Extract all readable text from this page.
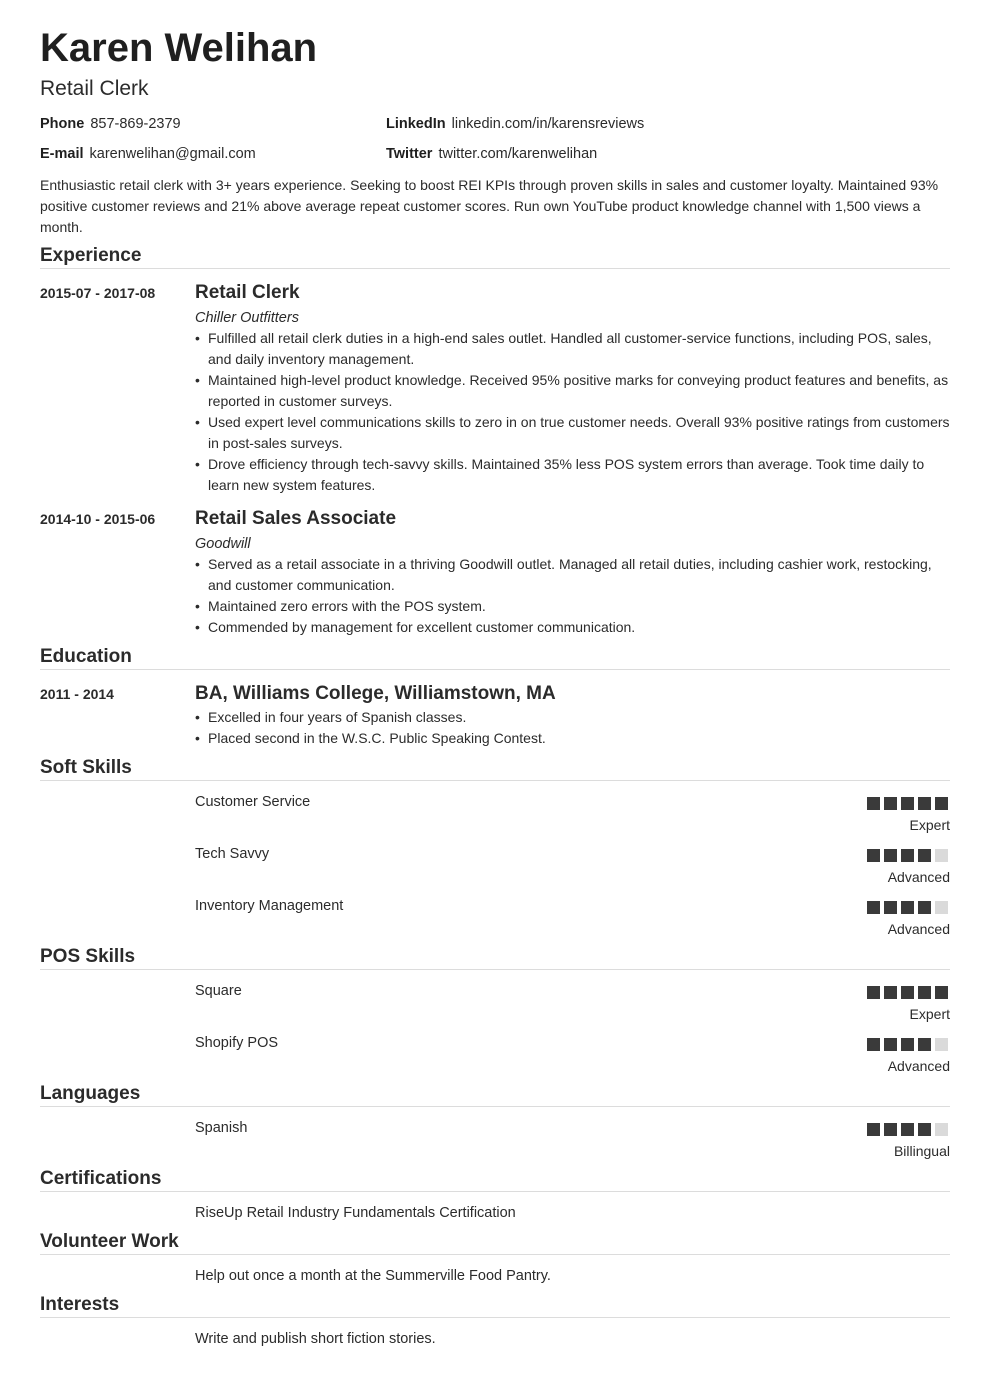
Karen Welihan
Retail Clerk
Phone 857-869-2379	LinkedIn linkedin.com/in/karensreviews
E-mail karenwelihan@gmail.com	Twitter twitter.com/karenwelihan
Enthusiastic retail clerk with 3+ years experience. Seeking to boost REI KPIs through proven skills in sales and customer loyalty. Maintained 93% positive customer reviews and 21% above average repeat customer scores. Run own YouTube product knowledge channel with 1,500 views a month.
Experience
2015-07 - 2017-08 Retail Clerk
Chiller Outfitters
• Fulfilled all retail clerk duties in a high-end sales outlet. Handled all customer-service functions, including POS, sales, and daily inventory management.
• Maintained high-level product knowledge. Received 95% positive marks for conveying product features and benefits, as reported in customer surveys.
• Used expert level communications skills to zero in on true customer needs. Overall 93% positive ratings from customers in post-sales surveys.
• Drove efficiency through tech-savvy skills. Maintained 35% less POS system errors than average. Took time daily to learn new system features.
2014-10 - 2015-06 Retail Sales Associate
Goodwill
• Served as a retail associate in a thriving Goodwill outlet. Managed all retail duties, including cashier work, restocking, and customer communication.
• Maintained zero errors with the POS system.
• Commended by management for excellent customer communication.
Education
2011 - 2014	BA, Williams College, Williamstown, MA
• Excelled in four years of Spanish classes.
• Placed second in the W.S.C. Public Speaking Contest.
Soft Skills
Customer Service
Expert
Tech Savvy
Advanced
Inventory Management
Advanced
POS Skills
Square
Expert
Shopify POS
Advanced
Languages
Spanish
Billingual
Certifications
RiseUp Retail Industry Fundamentals Certification
Volunteer Work
Help out once a month at the Summerville Food Pantry.
Interests
Write and publish short fiction stories.
